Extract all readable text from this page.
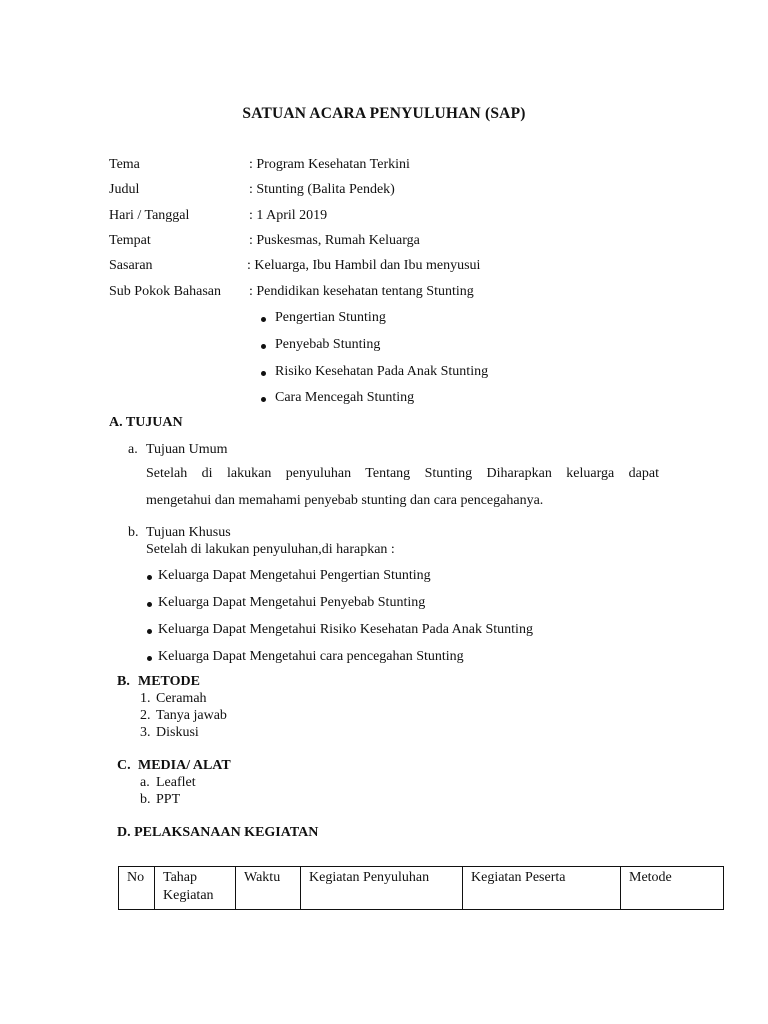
SATUAN ACARA PENYULUHAN (SAP)
Tema	: Program Kesehatan Terkini
Judul	: Stunting (Balita Pendek)
Hari / Tanggal	: 1 April 2019
Tempat	: Puskesmas, Rumah Keluarga
Sasaran	: Keluarga, Ibu Hambil dan Ibu menyusui
Sub Pokok Bahasan : Pendidikan kesehatan tentang Stunting
Pengertian Stunting
Penyebab Stunting
Risiko Kesehatan Pada Anak Stunting
Cara Mencegah Stunting
A. TUJUAN
a. Tujuan Umum
Setelah di lakukan penyuluhan Tentang Stunting Diharapkan keluarga dapat
mengetahui dan memahami penyebab stunting dan cara pencegahanya.
b. Tujuan Khusus
Setelah di lakukan penyuluhan,di harapkan :
Keluarga Dapat Mengetahui Pengertian Stunting
Keluarga Dapat Mengetahui Penyebab Stunting
Keluarga Dapat Mengetahui Risiko Kesehatan Pada Anak Stunting
Keluarga Dapat Mengetahui cara pencegahan Stunting
B. METODE
1. Ceramah
2. Tanya jawab
3. Diskusi
C. MEDIA/ ALAT
a. Leaflet
b. PPT
D. PELAKSANAAN KEGIATAN
No	Tahap Kegiatan	Waktu	Kegiatan Penyuluhan	Kegiatan Peserta	Metode
